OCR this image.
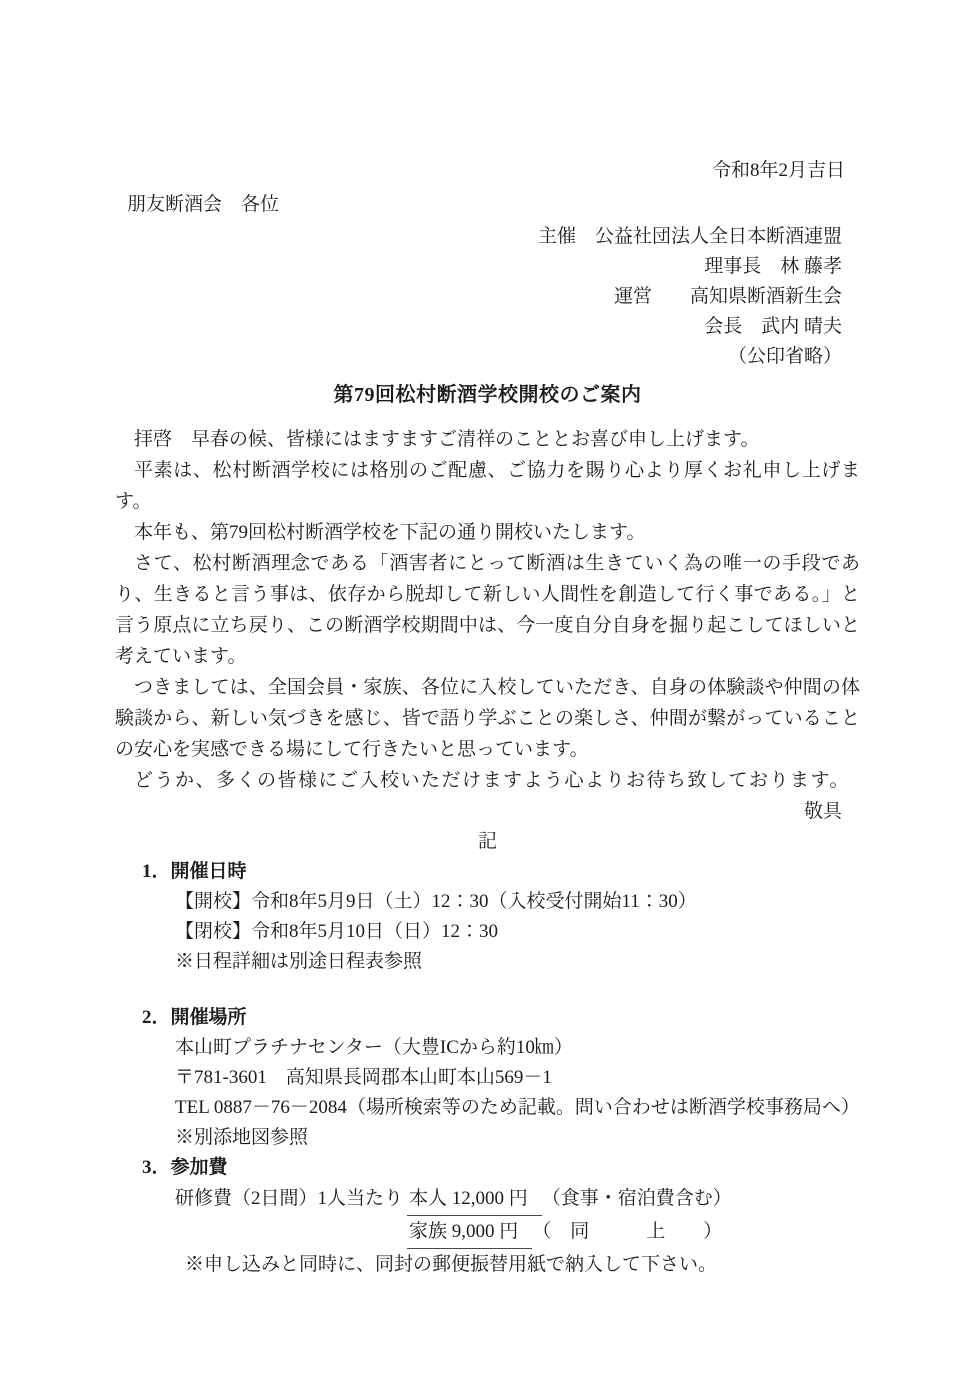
令和8年2月吉日
朋友断酒会　各位
主催　公益社団法人全日本断酒連盟
理事長　林 藤孝
運営　　高知県断酒新生会
会長　武内 晴夫
（公印省略）
第79回松村断酒学校開校のご案内

拝啓　早春の候、皆様にはますますご清祥のこととお喜び申し上げます。

平素は、松村断酒学校には格別のご配慮、ご協力を賜り心より厚くお礼申し上げます。

本年も、第79回松村断酒学校を下記の通り開校いたします。

さて、松村断酒理念である「酒害者にとって断酒は生きていく為の唯一の手段であり、生きると言う事は、依存から脱却して新しい人間性を創造して行く事である。」と言う原点に立ち戻り、この断酒学校期間中は、今一度自分自身を掘り起こしてほしいと考えています。

つきましては、全国会員・家族、各位に入校していただき、自身の体験談や仲間の体験談から、新しい気づきを感じ、皆で語り学ぶことの楽しさ、仲間が繋がっていることの安心を実感できる場にして行きたいと思っています。

どうか、多くの皆様にご入校いただけますよう心よりお待ち致しております。

敬具
記
1．開催日時
【開校】令和8年5月9日（土）12：30（入校受付開始11：30）
【閉校】令和8年5月10日（日）12：30
※日程詳細は別途日程表参照
2．開催場所
本山町プラチナセンター（大豊ICから約10㎞）
〒781-3601　高知県長岡郡本山町本山569－1
TEL 0887－76－2084（場所検索等のため記載。問い合わせは断酒学校事務局へ）
※別添地図参照
3．参加費
研修費（2日間）1人当たり 本人 12,000 円 （食事・宿泊費含む）
家族 9,000 円 （　同　　　上　　）
※申し込みと同時に、同封の郵便振替用紙で納入して下さい。
